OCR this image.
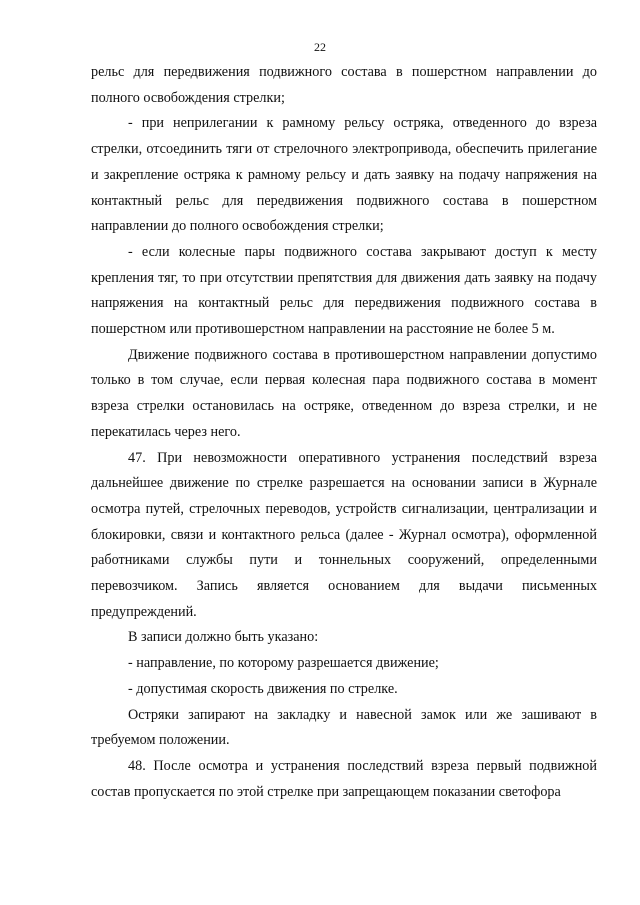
22

рельс для передвижения подвижного состава в пошерстном направлении до полного освобождения стрелки;

- при неприлегании к рамному рельсу остряка, отведенного до взреза стрелки, отсоединить тяги от стрелочного электропривода, обеспечить прилегание и закрепление остряка к рамному рельсу и дать заявку на подачу напряжения на контактный рельс для передвижения подвижного состава в пошерстном направлении до полного освобождения стрелки;

- если колесные пары подвижного состава закрывают доступ к месту крепления тяг, то при отсутствии препятствия для движения дать заявку на подачу напряжения на контактный рельс для передвижения подвижного состава в пошерстном или противошерстном направлении на расстояние не более 5 м.

Движение подвижного состава в противошерстном направлении допустимо только в том случае, если первая колесная пара подвижного состава в момент взреза стрелки остановилась на остряке, отведенном до взреза стрелки, и не перекатилась через него.

47. При невозможности оперативного устранения последствий взреза дальнейшее движение по стрелке разрешается на основании записи в Журнале осмотра путей, стрелочных переводов, устройств сигнализации, централизации и блокировки, связи и контактного рельса (далее - Журнал осмотра), оформленной работниками службы пути и тоннельных сооружений, определенными перевозчиком. Запись является основанием для выдачи письменных предупреждений.

В записи должно быть указано:

- направление, по которому разрешается движение;

- допустимая скорость движения по стрелке.

Остряки запирают на закладку и навесной замок или же зашивают в требуемом положении.

48. После осмотра и устранения последствий взреза первый подвижной состав пропускается по этой стрелке при запрещающем показании светофора
